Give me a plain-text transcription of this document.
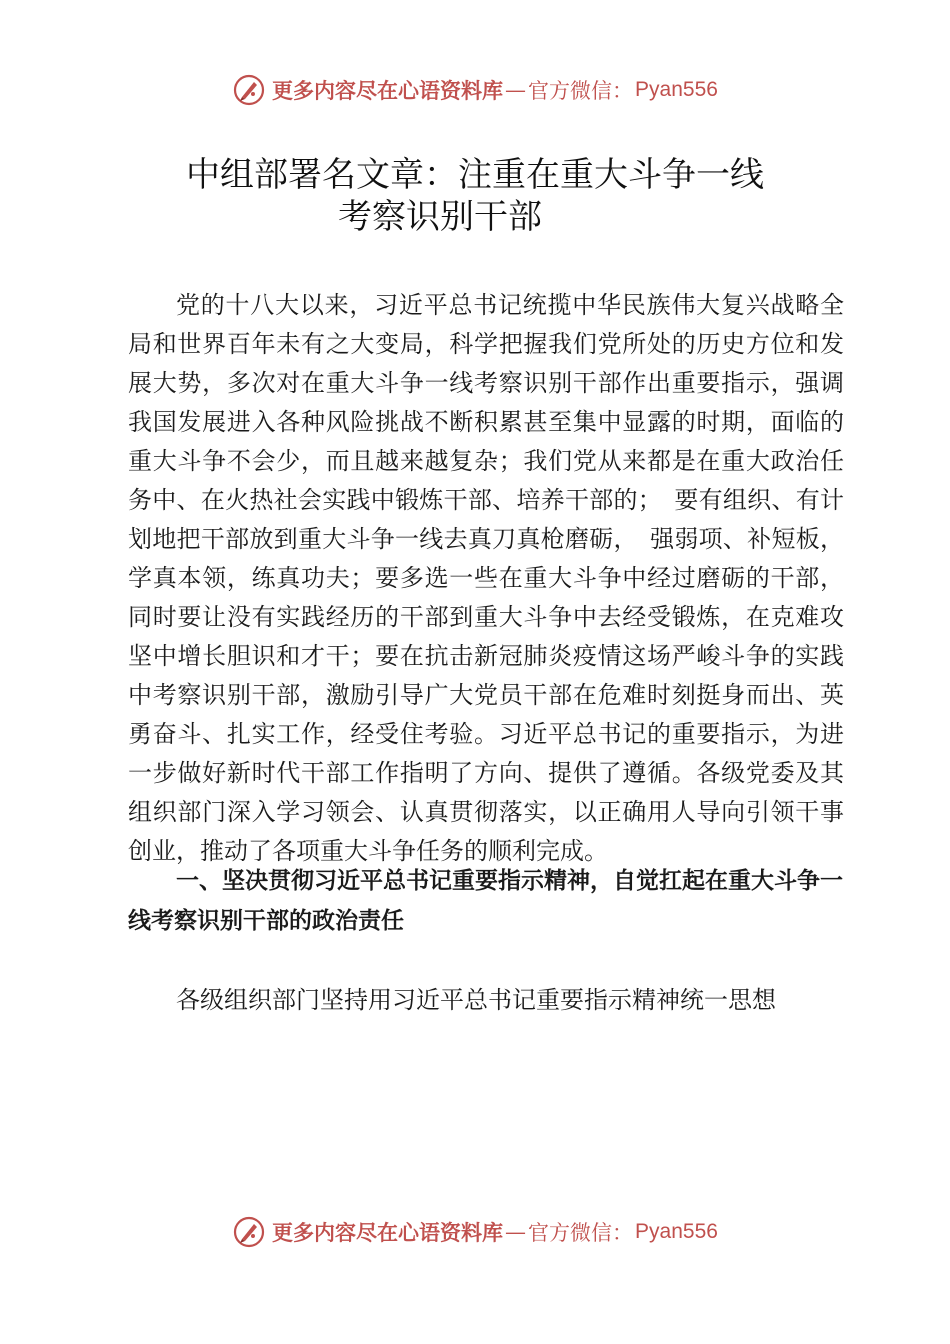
更多内容尽在心语资料库 — 官方微信： Pyan556
中组部署名文章：注重在重大斗争一线
考察识别干部

党的十八大以来，习近平总书记统揽中华民族伟大复兴战略全局和世界百年未有之大变局，科学把握我们党所处的历史方位和发展大势，多次对在重大斗争一线考察识别干部作出重要指示，强调我国发展进入各种风险挑战不断积累甚至集中显露的时期，面临的重大斗争不会少，而且越来越复杂；我们党从来都是在重大政治任务中、在火热社会实践中锻炼干部、培养干部的；　要有组织、有计划地把干部放到重大斗争一线去真刀真枪磨砺，　强弱项、补短板，学真本领，练真功夫；要多选一些在重大斗争中经过磨砺的干部，同时要让没有实践经历的干部到重大斗争中去经受锻炼，在克难攻坚中增长胆识和才干；要在抗击新冠肺炎疫情这场严峻斗争的实践中考察识别干部，激励引导广大党员干部在危难时刻挺身而出、英勇奋斗、扎实工作，经受住考验。习近平总书记的重要指示，为进一步做好新时代干部工作指明了方向、提供了遵循。各级党委及其组织部门深入学习领会、认真贯彻落实，以正确用人导向引领干事创业，推动了各项重大斗争任务的顺利完成。

一、坚决贯彻习近平总书记重要指示精神，自觉扛起在重大斗争一线考察识别干部的政治责任

各级组织部门坚持用习近平总书记重要指示精神统一思想

更多内容尽在心语资料库 — 官方微信： Pyan556
